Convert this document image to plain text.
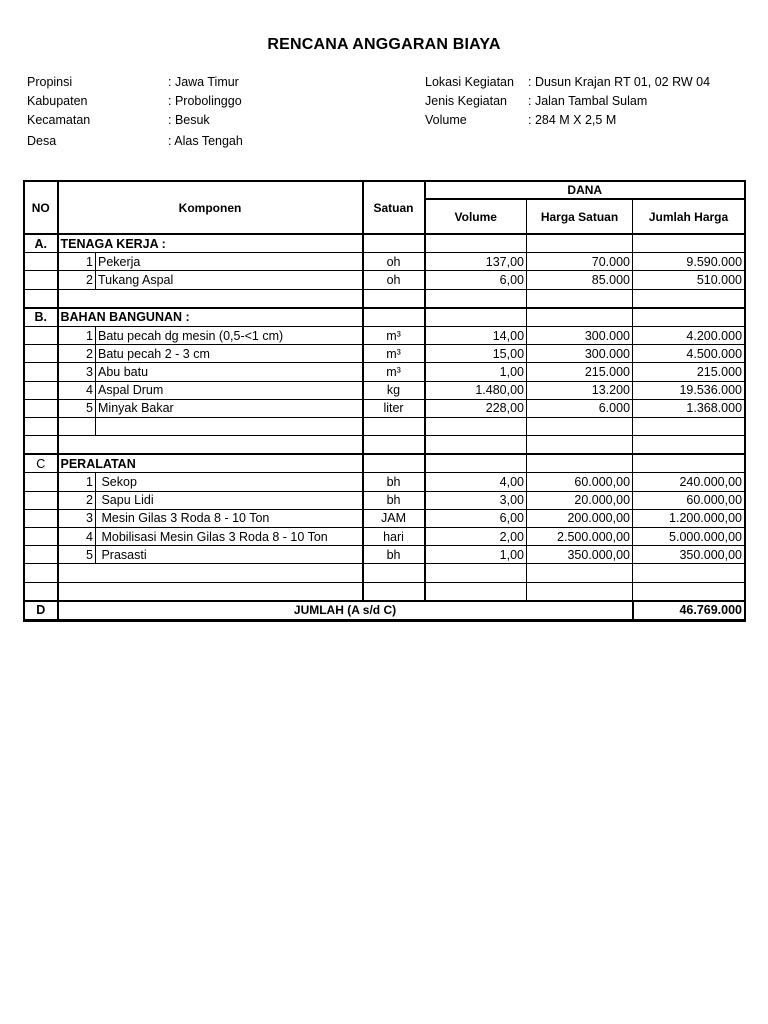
RENCANA ANGGARAN BIAYA
Propinsi	: Jawa Timur
Kabupaten	: Probolinggo
Kecamatan	: Besuk
Desa	: Alas Tengah
Lokasi Kegiatan	: Dusun Krajan RT 01, 02 RW 04
Jenis Kegiatan	: Jalan Tambal Sulam
Volume	: 284 M X 2,5 M
NO	Komponen		Satuan	DANA		
				Volume	Harga Satuan	Jumlah Harga
A.	TENAGA KERJA :					
	1	Pekerja	oh	137,00	70.000	9.590.000
	2	Tukang Aspal	oh	6,00	85.000	510.000

B.	BAHAN BANGUNAN :					
	1	Batu pecah dg mesin (0,5-<1 cm)	m³	14,00	300.000	4.200.000
	2	Batu pecah 2 - 3 cm	m³	15,00	300.000	4.500.000
	3	Abu batu	m³	1,00	215.000	215.000
	4	Aspal Drum	kg	1.480,00	13.200	19.536.000
	5	Minyak Bakar	liter	228,00	6.000	1.368.000

C	PERALATAN					
	1	Sekop	bh	4,00	60.000,00	240.000,00
	2	Sapu Lidi	bh	3,00	20.000,00	60.000,00
	3	Mesin Gilas 3 Roda 8 - 10 Ton	JAM	6,00	200.000,00	1.200.000,00
	4	Mobilisasi Mesin Gilas 3 Roda 8 - 10 Ton	hari	2,00	2.500.000,00	5.000.000,00
	5	Prasasti	bh	1,00	350.000,00	350.000,00

D	JUMLAH (A s/d C)					46.769.000
